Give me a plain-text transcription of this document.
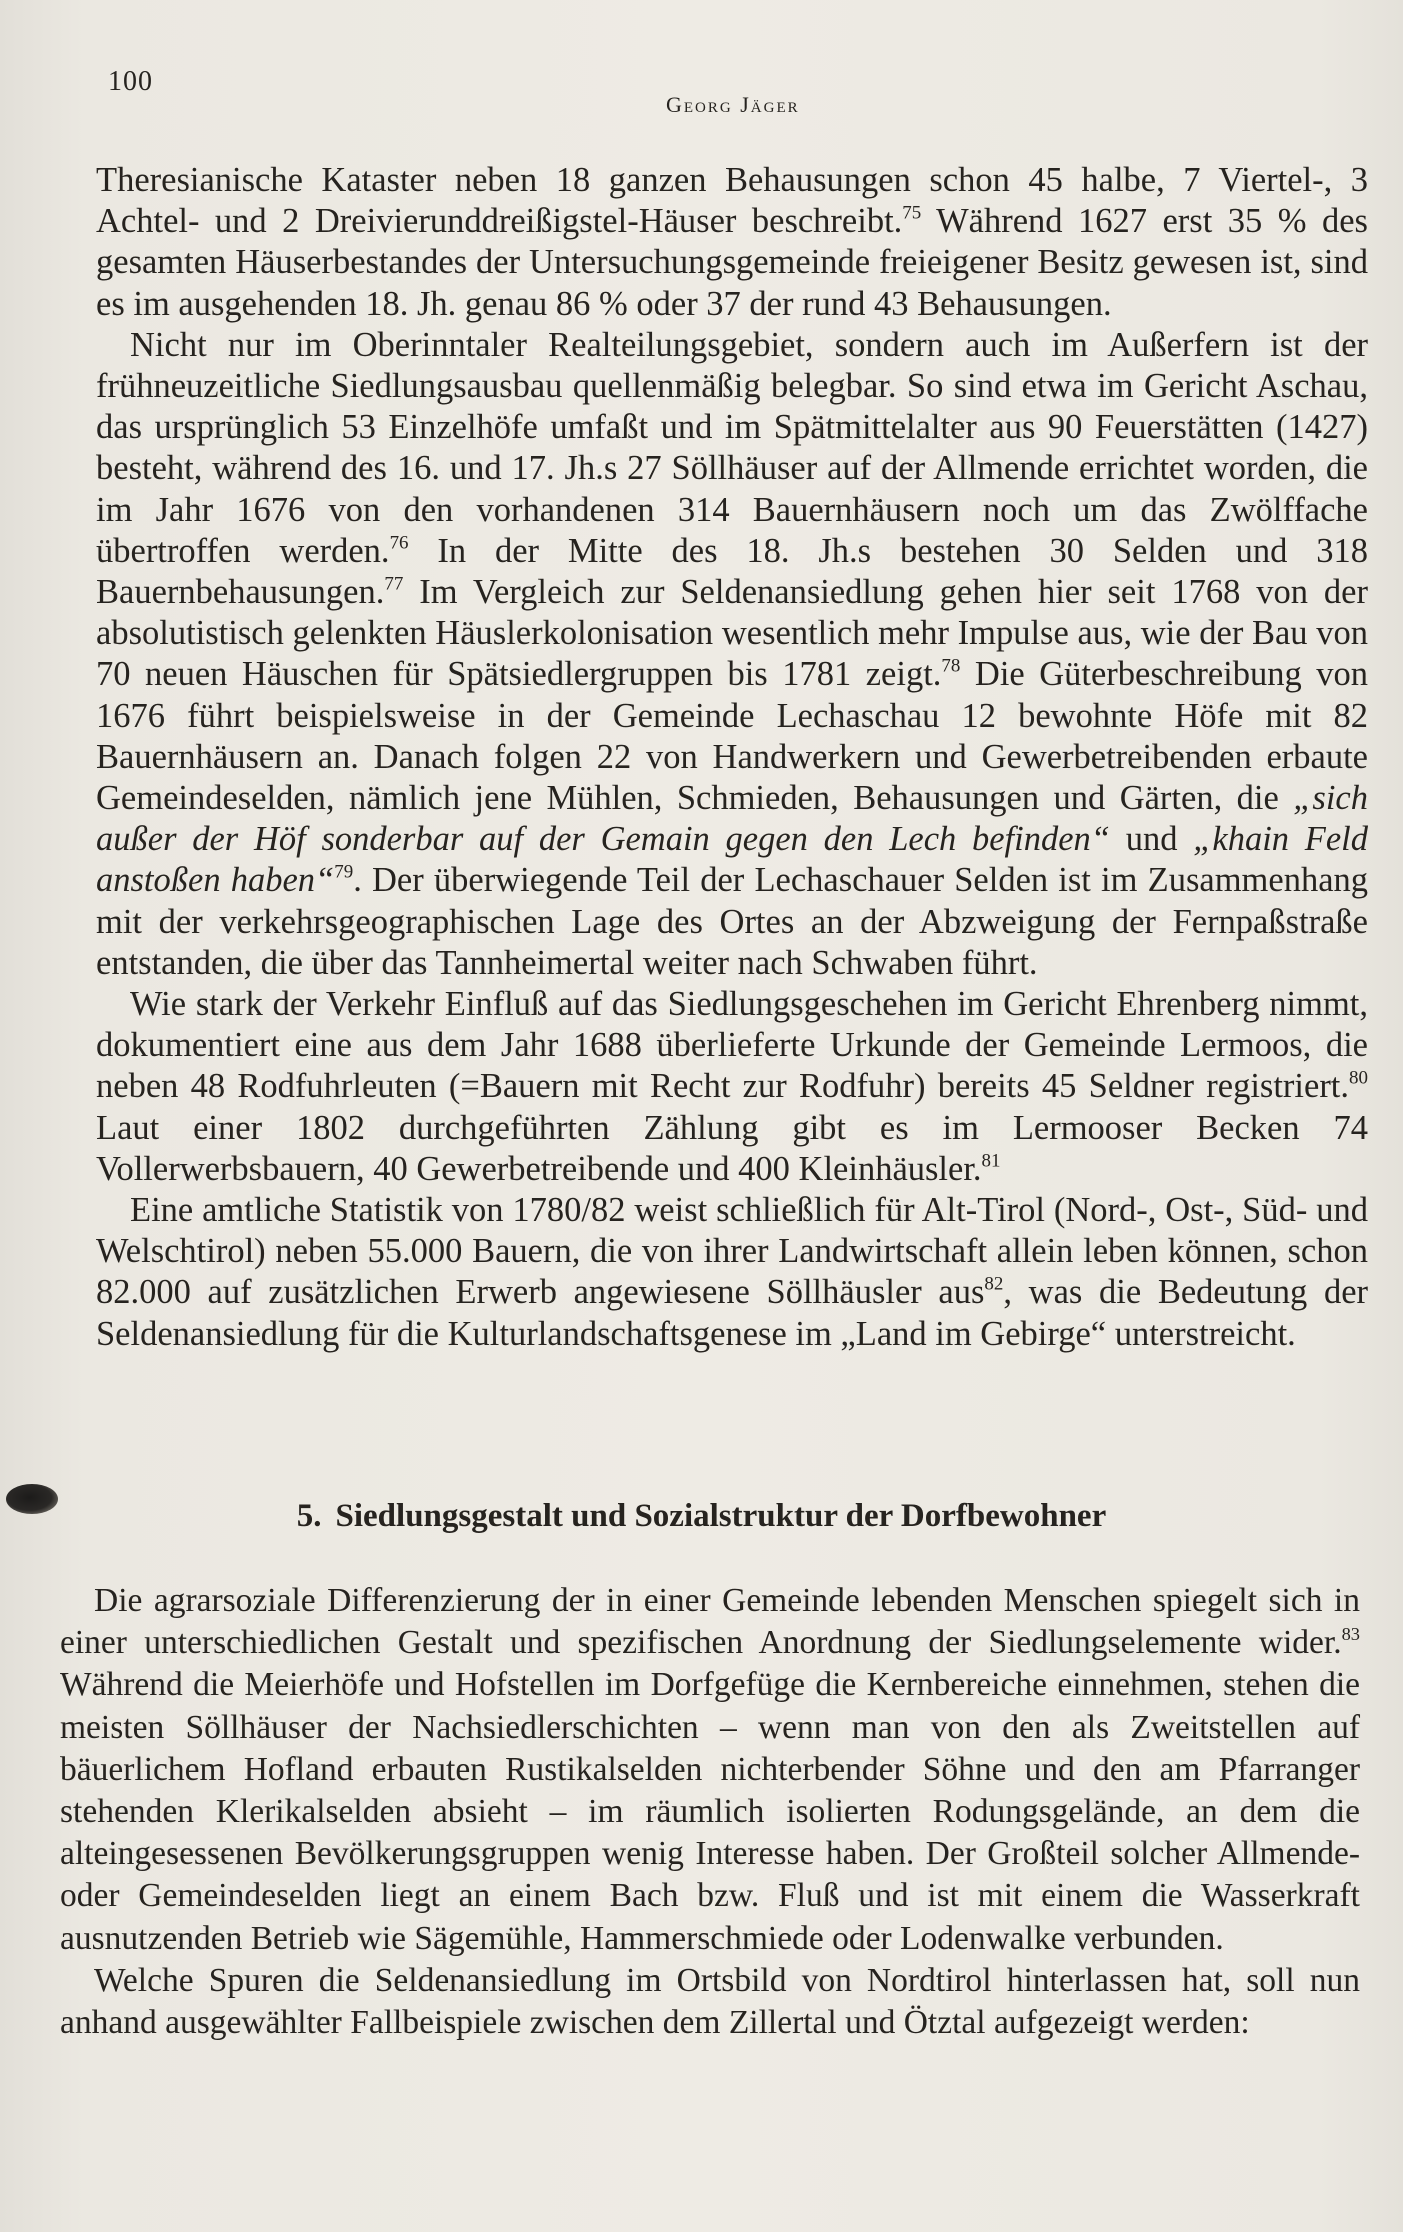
100
Georg Jäger

Theresianische Kataster neben 18 ganzen Behausungen schon 45 halbe, 7 Viertel-, 3 Achtel- und 2 Dreivierunddreißigstel-Häuser beschreibt.$^{75}$ Während 1627 erst 35 % des gesamten Häuserbestandes der Untersuchungsgemeinde freieigener Besitz gewesen ist, sind es im ausgehenden 18. Jh. genau 86 % oder 37 der rund 43 Behausungen.

Nicht nur im Oberinntaler Realteilungsgebiet, sondern auch im Außerfern ist der frühneuzeitliche Siedlungsausbau quellenmäßig belegbar. So sind etwa im Gericht Aschau, das ursprünglich 53 Einzelhöfe umfaßt und im Spätmittelalter aus 90 Feuerstätten (1427) besteht, während des 16. und 17. Jh.s 27 Söllhäuser auf der Allmende errichtet worden, die im Jahr 1676 von den vorhandenen 314 Bauernhäusern noch um das Zwölffache übertroffen werden.$^{76}$ In der Mitte des 18. Jh.s bestehen 30 Selden und 318 Bauernbehausungen.$^{77}$ Im Vergleich zur Seldenansiedlung gehen hier seit 1768 von der absolutistisch gelenkten Häuslerkolonisation wesentlich mehr Impulse aus, wie der Bau von 70 neuen Häuschen für Spätsiedlergruppen bis 1781 zeigt.$^{78}$ Die Güterbeschreibung von 1676 führt beispielsweise in der Gemeinde Lechaschau 12 bewohnte Höfe mit 82 Bauernhäusern an. Danach folgen 22 von Handwerkern und Gewerbetreibenden erbaute Gemeindeselden, nämlich jene Mühlen, Schmieden, Behausungen und Gärten, die „sich außer der Höf sonderbar auf der Gemain gegen den Lech befinden“ und „khain Feld anstoßen haben“$^{79}$. Der überwiegende Teil der Lechaschauer Selden ist im Zusammenhang mit der verkehrsgeographischen Lage des Ortes an der Abzweigung der Fernpaßstraße entstanden, die über das Tannheimertal weiter nach Schwaben führt.

Wie stark der Verkehr Einfluß auf das Siedlungsgeschehen im Gericht Ehrenberg nimmt, dokumentiert eine aus dem Jahr 1688 überlieferte Urkunde der Gemeinde Lermoos, die neben 48 Rodfuhrleuten (=Bauern mit Recht zur Rodfuhr) bereits 45 Seldner registriert.$^{80}$ Laut einer 1802 durchgeführten Zählung gibt es im Lermooser Becken 74 Vollerwerbsbauern, 40 Gewerbetreibende und 400 Kleinhäusler.$^{81}$

Eine amtliche Statistik von 1780/82 weist schließlich für Alt-Tirol (Nord-, Ost-, Süd- und Welschtirol) neben 55.000 Bauern, die von ihrer Landwirtschaft allein leben können, schon 82.000 auf zusätzlichen Erwerb angewiesene Söllhäusler aus$^{82}$, was die Bedeutung der Seldenansiedlung für die Kulturlandschaftsgenese im „Land im Gebirge“ unterstreicht.

5. Siedlungsgestalt und Sozialstruktur der Dorfbewohner

Die agrarsoziale Differenzierung der in einer Gemeinde lebenden Menschen spiegelt sich in einer unterschiedlichen Gestalt und spezifischen Anordnung der Siedlungselemente wider.$^{83}$ Während die Meierhöfe und Hofstellen im Dorfgefüge die Kernbereiche einnehmen, stehen die meisten Söllhäuser der Nachsiedlerschichten – wenn man von den als Zweitstellen auf bäuerlichem Hofland erbauten Rustikalselden nichterbender Söhne und den am Pfarranger stehenden Klerikalselden absieht – im räumlich isolierten Rodungsgelände, an dem die alteingesessenen Bevölkerungsgruppen wenig Interesse haben. Der Großteil solcher Allmende- oder Gemeindeselden liegt an einem Bach bzw. Fluß und ist mit einem die Wasserkraft ausnutzenden Betrieb wie Sägemühle, Hammerschmiede oder Lodenwalke verbunden.

Welche Spuren die Seldenansiedlung im Ortsbild von Nordtirol hinterlassen hat, soll nun anhand ausgewählter Fallbeispiele zwischen dem Zillertal und Ötztal aufgezeigt werden:
